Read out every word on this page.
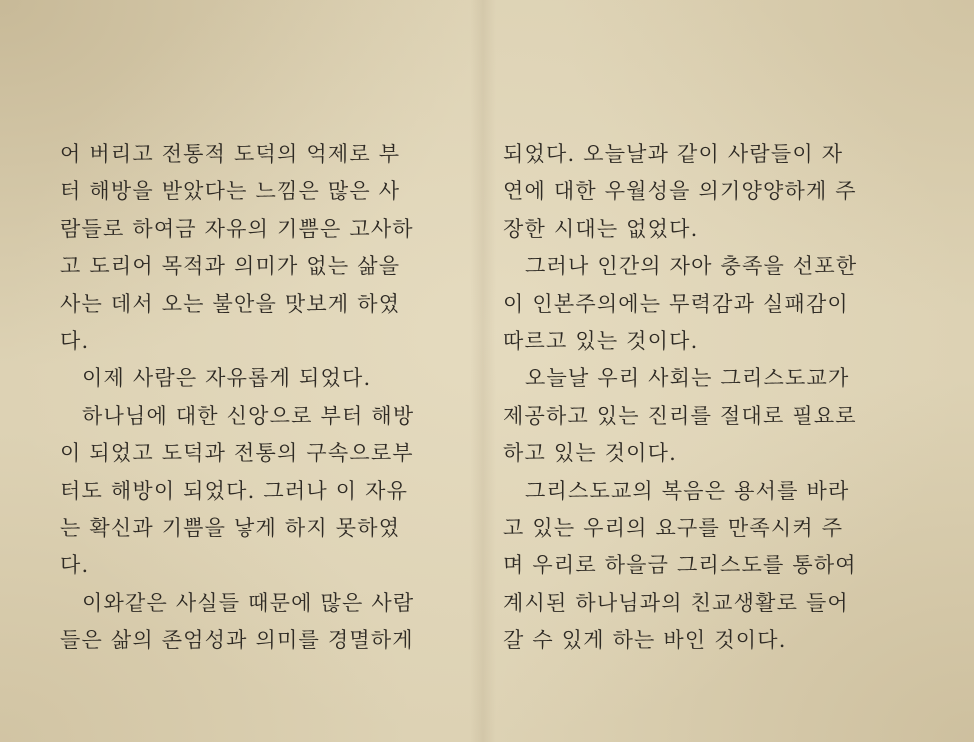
어 버리고 전통적 도덕의 억제로 부
터 해방을 받았다는 느낌은 많은 사
람들로 하여금 자유의 기쁨은 고사하
고 도리어 목적과 의미가 없는 삶을
사는 데서 오는 불안을 맛보게 하였
다.
이제 사람은 자유롭게 되었다.
하나님에 대한 신앙으로 부터 해방
이 되었고 도덕과 전통의 구속으로부
터도 해방이 되었다. 그러나 이 자유
는 확신과 기쁨을 낳게 하지 못하였
다.
이와같은 사실들 때문에 많은 사람
들은 삶의 존엄성과 의미를 경멸하게
되었다. 오늘날과 같이 사람들이 자
연에 대한 우월성을 의기양양하게 주
장한 시대는 없었다.
그러나 인간의 자아 충족을 선포한
이 인본주의에는 무력감과 실패감이
따르고 있는 것이다.
오늘날 우리 사회는 그리스도교가
제공하고 있는 진리를 절대로 필요로
하고 있는 것이다.
그리스도교의 복음은 용서를 바라
고 있는 우리의 요구를 만족시켜 주
며 우리로 하을금 그리스도를 통하여
계시된 하나님과의 친교생활로 들어
갈 수 있게 하는 바인 것이다.
